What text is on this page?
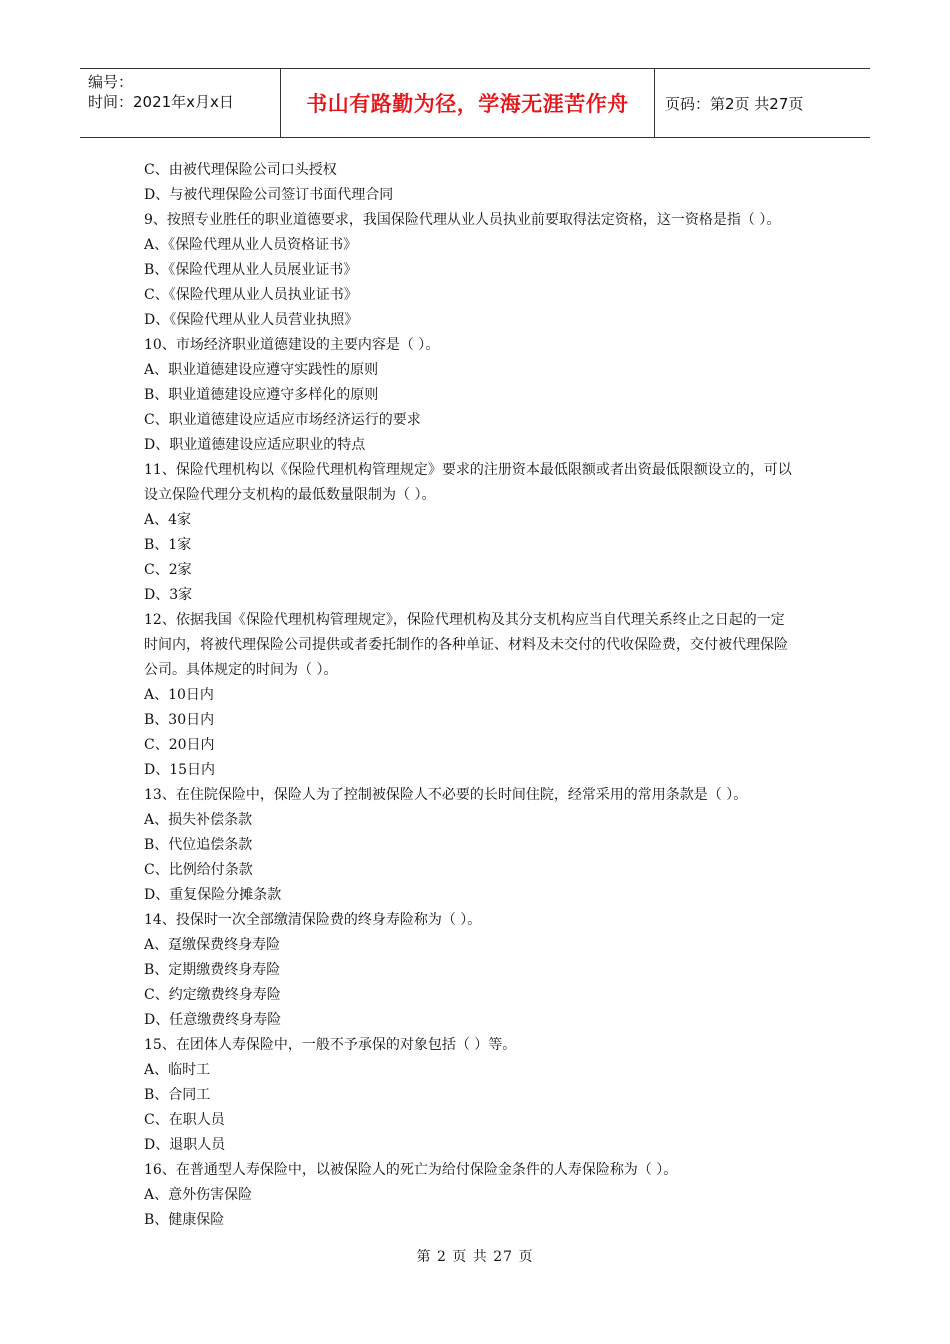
编号：
时间：2021年x月x日	书山有路勤为径，学海无涯苦作舟 页码：第2页 共27页
C、由被代理保险公司口头授权
D、与被代理保险公司签订书面代理合同
9、按照专业胜任的职业道德要求，我国保险代理从业人员执业前要取得法定资格，这一资格是指（ ）。
A、《保险代理从业人员资格证书》
B、《保险代理从业人员展业证书》
C、《保险代理从业人员执业证书》
D、《保险代理从业人员营业执照》
10、市场经济职业道德建设的主要内容是（ ）。
A、职业道德建设应遵守实践性的原则
B、职业道德建设应遵守多样化的原则
C、职业道德建设应适应市场经济运行的要求
D、职业道德建设应适应职业的特点
11、保险代理机构以《保险代理机构管理规定》要求的注册资本最低限额或者出资最低限额设立的，可以
设立保险代理分支机构的最低数量限制为（ ）。
A、4家
B、1家
C、2家
D、3家
12、依据我国《保险代理机构管理规定》，保险代理机构及其分支机构应当自代理关系终止之日起的一定
时间内，将被代理保险公司提供或者委托制作的各种单证、材料及未交付的代收保险费，交付被代理保险
公司。具体规定的时间为（ ）。
A、10日内
B、30日内
C、20日内
D、15日内
13、在住院保险中，保险人为了控制被保险人不必要的长时间住院，经常采用的常用条款是（ ）。
A、损失补偿条款
B、代位追偿条款
C、比例给付条款
D、重复保险分摊条款
14、投保时一次全部缴清保险费的终身寿险称为（ ）。
A、趸缴保费终身寿险
B、定期缴费终身寿险
C、约定缴费终身寿险
D、任意缴费终身寿险
15、在团体人寿保险中，一般不予承保的对象包括（ ）等。
A、临时工
B、合同工
C、在职人员
D、退职人员
16、在普通型人寿保险中，以被保险人的死亡为给付保险金条件的人寿保险称为（ ）。
A、意外伤害保险
B、健康保险
第 2 页 共 27 页
